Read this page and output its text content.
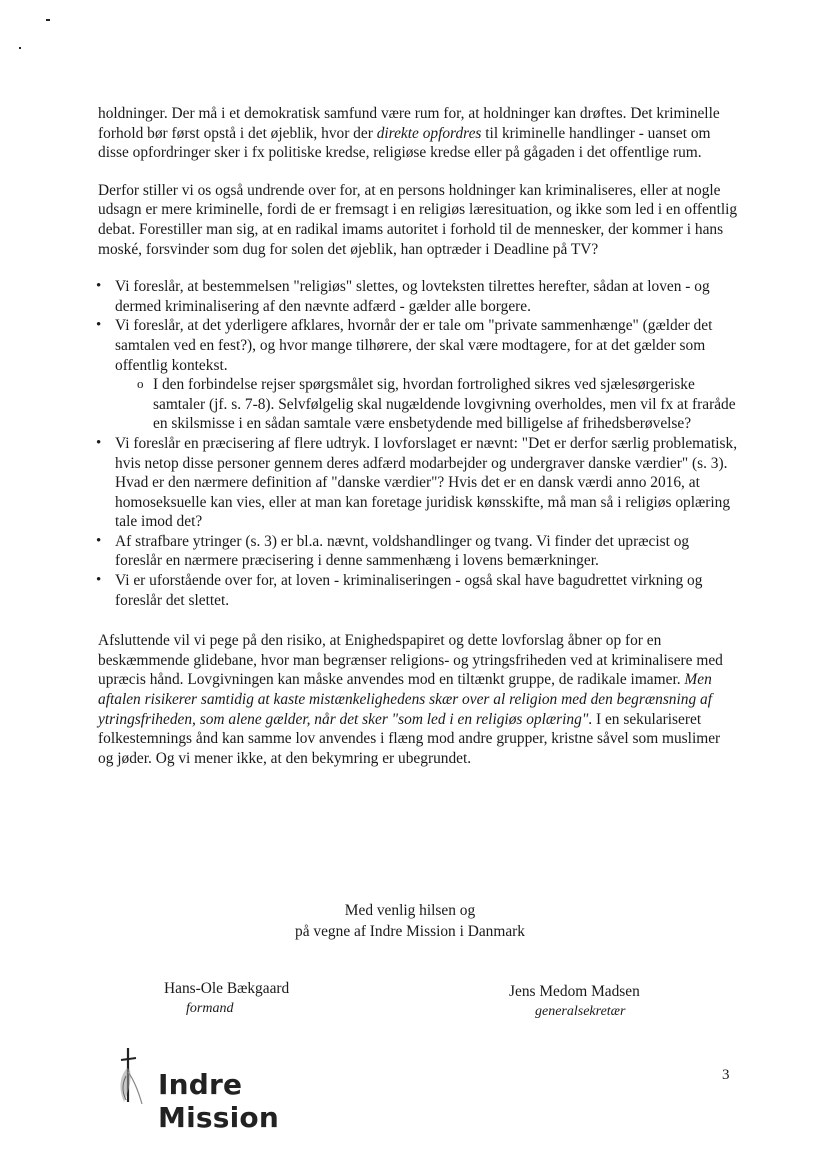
holdninger. Der må i et demokratisk samfund være rum for, at holdninger kan drøftes. Det kriminelle forhold bør først opstå i det øjeblik, hvor der direkte opfordres til kriminelle handlinger - uanset om disse opfordringer sker i fx politiske kredse, religiøse kredse eller på gågaden i det offentlige rum.

Derfor stiller vi os også undrende over for, at en persons holdninger kan kriminaliseres, eller at nogle udsagn er mere kriminelle, fordi de er fremsagt i en religiøs læresituation, og ikke som led i en offentlig debat. Forestiller man sig, at en radikal imams autoritet i forhold til de mennesker, der kommer i hans moské, forsvinder som dug for solen det øjeblik, han optræder i Deadline på TV?

• Vi foreslår, at bestemmelsen "religiøs" slettes, og lovteksten tilrettes herefter, sådan at loven - og dermed kriminalisering af den nævnte adfærd - gælder alle borgere.
• Vi foreslår, at det yderligere afklares, hvornår der er tale om "private sammenhænge" (gælder det samtalen ved en fest?), og hvor mange tilhørere, der skal være modtagere, for at det gælder som offentlig kontekst.
o I den forbindelse rejser spørgsmålet sig, hvordan fortrolighed sikres ved sjælesørgeriske samtaler (jf. s. 7-8). Selvfølgelig skal nugældende lovgivning overholdes, men vil fx at fraråde en skilsmisse i en sådan samtale være ensbetydende med billigelse af frihedsberøvelse?
• Vi foreslår en præcisering af flere udtryk. I lovforslaget er nævnt: "Det er derfor særlig problematisk, hvis netop disse personer gennem deres adfærd modarbejder og undergraver danske værdier" (s. 3). Hvad er den nærmere definition af "danske værdier"? Hvis det er en dansk værdi anno 2016, at homoseksuelle kan vies, eller at man kan foretage juridisk kønsskifte, må man så i religiøs oplæring tale imod det?
• Af strafbare ytringer (s. 3) er bl.a. nævnt, voldshandlinger og tvang. Vi finder det upræcist og foreslår en nærmere præcisering i denne sammenhæng i lovens bemærkninger.
• Vi er uforstående over for, at loven - kriminaliseringen - også skal have bagudrettet virkning og foreslår det slettet.

Afsluttende vil vi pege på den risiko, at Enighedspapiret og dette lovforslag åbner op for en beskæmmende glidebane, hvor man begrænser religions- og ytringsfriheden ved at kriminalisere med upræcis hånd. Lovgivningen kan måske anvendes mod en tiltænkt gruppe, de radikale imamer. Men aftalen risikerer samtidig at kaste mistænkelighedens skær over al religion med den begrænsning af ytringsfriheden, som alene gælder, når det sker "som led i en religiøs oplæring". I en sekulariseret folkestemnings ånd kan samme lov anvendes i flæng mod andre grupper, kristne såvel som muslimer og jøder. Og vi mener ikke, at den bekymring er ubegrundet.

Med venlig hilsen og
på vegne af Indre Mission i Danmark
Hans-Ole Bækgaard
formand
Jens Medom Madsen
generalsekretær
Indre Mission
3
